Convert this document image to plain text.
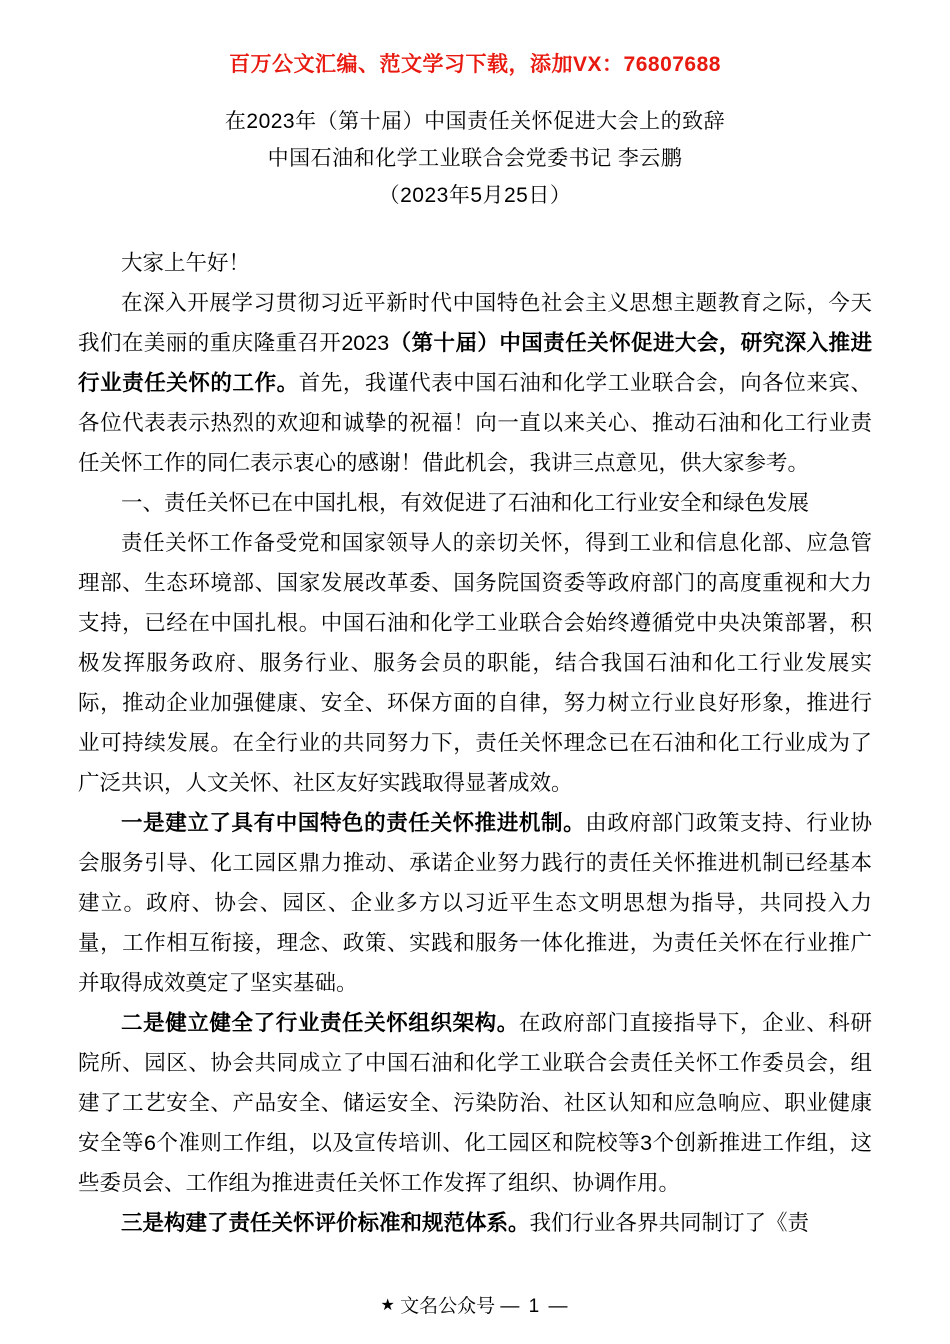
百万公文汇编、范文学习下载，添加VX：76807688
在2023年（第十届）中国责任关怀促进大会上的致辞
中国石油和化学工业联合会党委书记 李云鹏
（2023年5月25日）

大家上午好！

在深入开展学习贯彻习近平新时代中国特色社会主义思想主题教育之际，今天我们在美丽的重庆隆重召开2023（第十届）中国责任关怀促进大会，研究深入推进行业责任关怀的工作。首先，我谨代表中国石油和化学工业联合会，向各位来宾、各位代表表示热烈的欢迎和诚挚的祝福！向一直以来关心、推动石油和化工行业责任关怀工作的同仁表示衷心的感谢！借此机会，我讲三点意见，供大家参考。

一、责任关怀已在中国扎根，有效促进了石油和化工行业安全和绿色发展

责任关怀工作备受党和国家领导人的亲切关怀，得到工业和信息化部、应急管理部、生态环境部、国家发展改革委、国务院国资委等政府部门的高度重视和大力支持，已经在中国扎根。中国石油和化学工业联合会始终遵循党中央决策部署，积极发挥服务政府、服务行业、服务会员的职能，结合我国石油和化工行业发展实际，推动企业加强健康、安全、环保方面的自律，努力树立行业良好形象，推进行业可持续发展。在全行业的共同努力下，责任关怀理念已在石油和化工行业成为了广泛共识，人文关怀、社区友好实践取得显著成效。

一是建立了具有中国特色的责任关怀推进机制。由政府部门政策支持、行业协会服务引导、化工园区鼎力推动、承诺企业努力践行的责任关怀推进机制已经基本建立。政府、协会、园区、企业多方以习近平生态文明思想为指导，共同投入力量，工作相互衔接，理念、政策、实践和服务一体化推进，为责任关怀在行业推广并取得成效奠定了坚实基础。

二是健立健全了行业责任关怀组织架构。在政府部门直接指导下，企业、科研院所、园区、协会共同成立了中国石油和化学工业联合会责任关怀工作委员会，组建了工艺安全、产品安全、储运安全、污染防治、社区认知和应急响应、职业健康安全等6个准则工作组，以及宣传培训、化工园区和院校等3个创新推进工作组，这些委员会、工作组为推进责任关怀工作发挥了组织、协调作用。

三是构建了责任关怀评价标准和规范体系。我们行业各界共同制订了《责

★ 文名公众号 — 1 —
